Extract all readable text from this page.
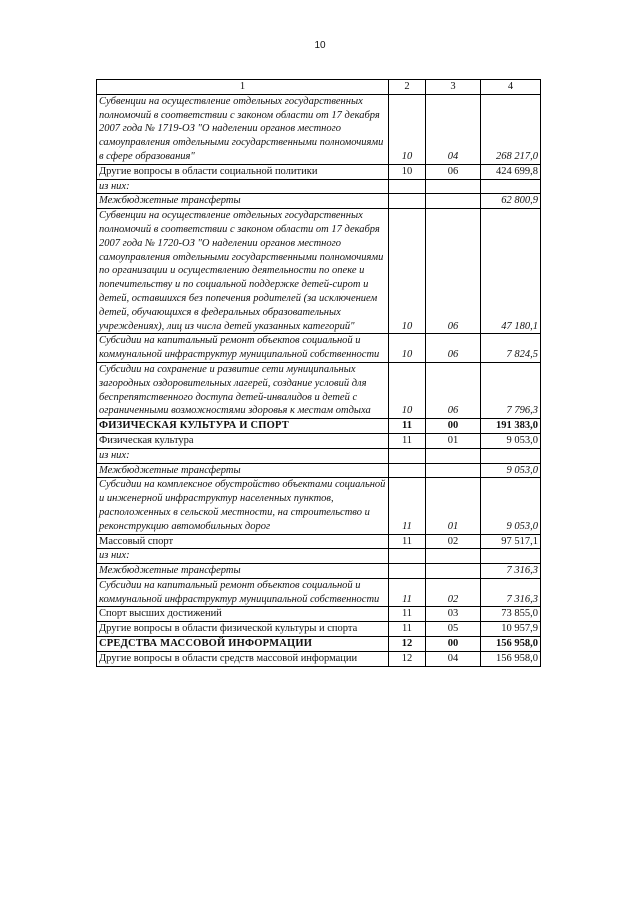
10
1	2	3	4
Субвенции на осуществление отдельных государственных полномочий в соответствии с законом области от 17 декабря 2007 года № 1719-ОЗ "О наделении органов местного самоуправления отдельными государственными полномочиями в сфере образования"	10	04	268 217,0
Другие вопросы в области социальной политики	10	06	424 699,8
из них:			
Межбюджетные трансферты			62 800,9
Субвенции на осуществление отдельных государственных полномочий в соответствии с законом области от 17 декабря 2007 года № 1720-ОЗ "О наделении органов местного самоуправления отдельными государственными полномочиями по организации и осуществлению деятельности по опеке и попечительству и по социальной поддержке детей-сирот и детей, оставшихся без попечения родителей (за исключением детей, обучающихся в федеральных образовательных учреждениях), лиц из числа детей указанных категорий"	10	06	47 180,1
Субсидии на капитальный ремонт объектов социальной и коммунальной инфраструктур муниципальной собственности	10	06	7 824,5
Субсидии на сохранение и развитие сети муниципальных загородных оздоровительных лагерей, создание условий для беспрепятственного доступа детей-инвалидов и детей с ограниченными возможностями здоровья к местам отдыха	10	06	7 796,3
ФИЗИЧЕСКАЯ КУЛЬТУРА И СПОРТ	11	00	191 383,0
Физическая культура	11	01	9 053,0
из них:			
Межбюджетные трансферты			9 053,0
Субсидии на комплексное обустройство объектами социальной и инженерной инфраструктур населенных пунктов, расположенных в сельской местности, на строительство и реконструкцию автомобильных дорог	11	01	9 053,0
Массовый спорт	11	02	97 517,1
из них:			
Межбюджетные трансферты			7 316,3
Субсидии на капитальный ремонт объектов социальной и коммунальной инфраструктур муниципальной собственности	11	02	7 316,3
Спорт высших достижений	11	03	73 855,0
Другие вопросы в области физической культуры и спорта	11	05	10 957,9
СРЕДСТВА МАССОВОЙ ИНФОРМАЦИИ	12	00	156 958,0
Другие вопросы в области средств массовой информации	12	04	156 958,0
